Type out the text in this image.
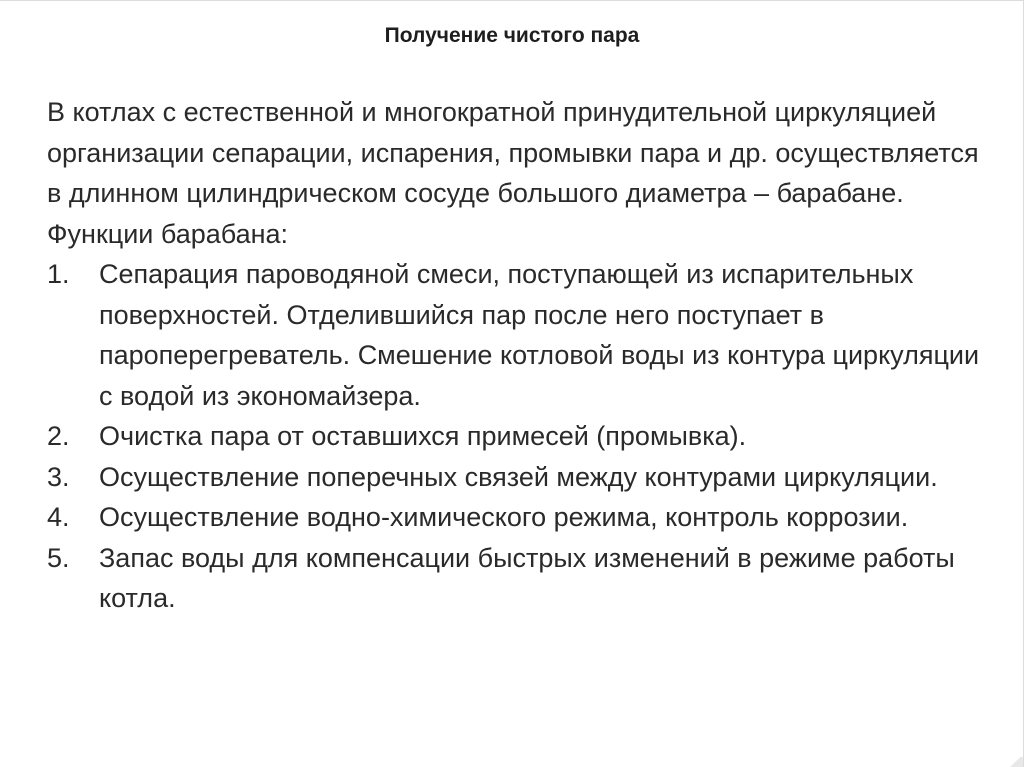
Получение чистого пара

В котлах с естественной и многократной принудительной циркуляцией организации сепарации, испарения, промывки пара и др. осуществляется в длинном цилиндрическом сосуде большого диаметра – барабане.

Функции барабана:

1.	Сепарация пароводяной смеси, поступающей из испарительных поверхностей. Отделившийся пар после него поступает в пароперегреватель. Смешение котловой воды из контура циркуляции с водой из экономайзера.
2.	Очистка пара от оставшихся примесей (промывка).
3.	Осуществление поперечных связей между контурами циркуляции.
4.	Осуществление водно-химического режима, контроль коррозии.
5.	Запас воды для компенсации быстрых изменений в режиме работы котла.
